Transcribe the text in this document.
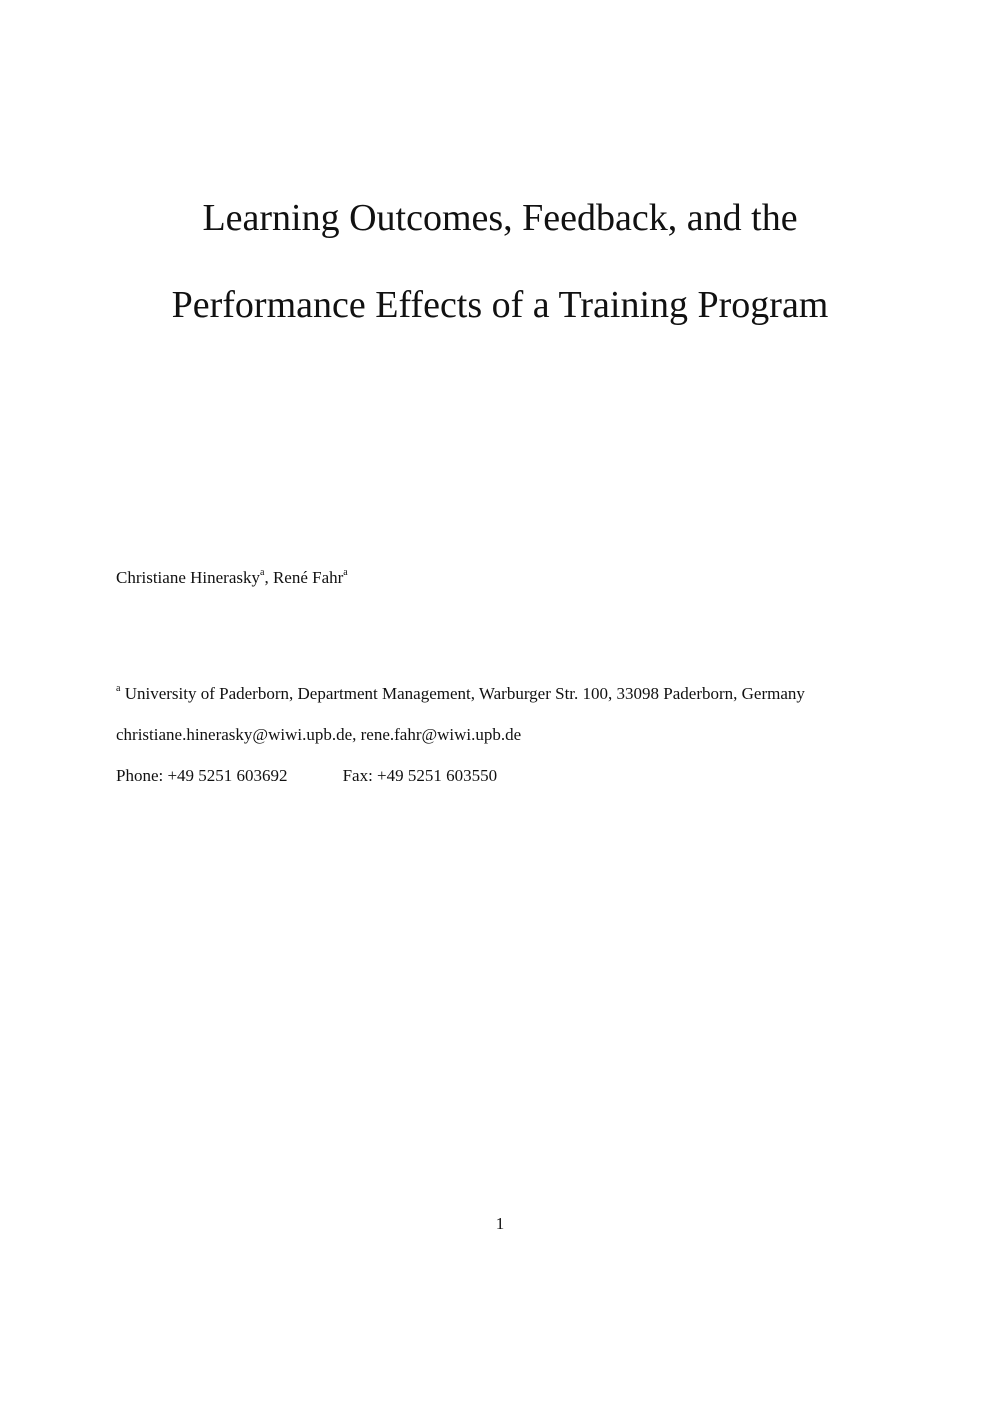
Learning Outcomes, Feedback, and the
Performance Effects of a Training Program
Christiane Hinerasky$^a$, René Fahr$^a$
$^a$ University of Paderborn, Department Management, Warburger Str. 100, 33098 Paderborn, Germany
christiane.hinerasky@wiwi.upb.de, rene.fahr@wiwi.upb.de
Phone: +49 5251 603692	Fax: +49 5251 603550
1
